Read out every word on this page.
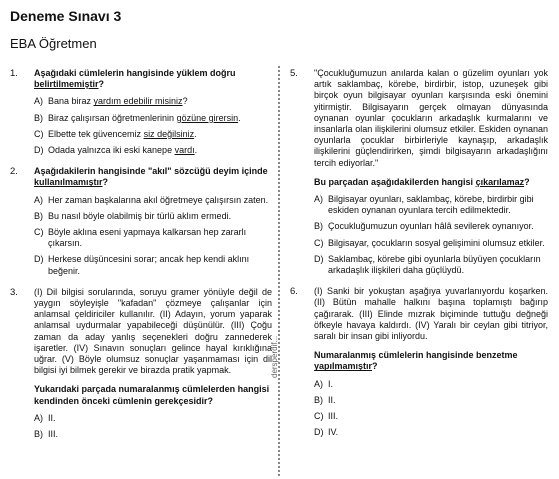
Deneme Sınavı 3
EBA Öğretmen
dersperdif...
1. Aşağıdaki cümlelerin hangisinde yüklem doğru belirtilmemiştir?
A) Bana biraz yardım edebilir misiniz?
B) Biraz çalışırsan öğretmenlerinin gözüne girersin.
C) Elbette tek güvencemiz siz değilsiniz.
D) Odada yalnızca iki eski kanepe vardı.
2. Aşağıdakilerin hangisinde "akıl" sözcüğü deyim içinde kullanılmamıştır?
A) Her zaman başkalarına akıl öğretmeye çalışırsın zaten.
B) Bu nasıl böyle olabilmiş bir türlü aklım ermedi.
C) Böyle aklına eseni yapmaya kalkarsan hep zararlı çıkarsın.
D) Herkese düşüncesini sorar; ancak hep kendi aklını beğenir.
3. (I) Dil bilgisi sorularında, soruyu gramer yönüyle değil de yaygın söyleyişle "kafadan" çözmeye çalışanlar için anlamsal çeldiriciler kullanılır. (II) Adayın, yorum yaparak anlamsal uydurmalar yapabileceği düşünülür. (III) Çoğu zaman da aday yanlış seçenekleri doğru zannederek işaretler. (IV) Sınavın sonuçları gelince hayal kırıklığına uğrar. (V) Böyle olumsuz sonuçlar yaşanmaması için dil bilgisi iyi bilmek gerekir ve birazda pratik yapmak.
Yukarıdaki parçada numaralanmış cümlelerden hangisi kendinden önceki cümlenin gerekçesidir?
A) II.
B) III.
5. "Çocukluğumuzun anılarda kalan o güzelim oyunları yok artık saklambaç, körebe, birdirbir, istop, uzuneşek gibi birçok oyun bilgisayar oyunları karşısında eski önemini yitirmiştir. Bilgisayarın gerçek olmayan dünyasında oynanan oyunlar çocukların arkadaşlık kurmalarını ve insanlarla olan ilişkilerini olumsuz etkiler. Eskiden oynanan oyunlarla çocuklar birbirleriyle kaynaşıp, arkadaşlık ilişkilerini güçlendirirken, şimdi bilgisayarın arkadaşlığını tercih ediyorlar."
Bu parçadan aşağıdakilerden hangisi çıkarılamaz?
A) Bilgisayar oyunları, saklambaç, körebe, birdirbir gibi eskiden oynanan oyunlara tercih edilmektedir.
B) Çocukluğumuzun oyunları hâlâ sevilerek oynanıyor.
C) Bilgisayar, çocukların sosyal gelişimini olumsuz etkiler.
D) Saklambaç, körebe gibi oyunlarla büyüyen çocukların arkadaşlık ilişkileri daha güçlüydü.
6. (I) Sanki bir yokuştan aşağıya yuvarlanıyordu koşarken. (II) Bütün mahalle halkını başına toplamıştı bağırıp çağırarak. (III) Elinde mızrak biçiminde tuttuğu değneği öfkeyle havaya kaldırdı. (IV) Yaralı bir ceylan gibi titriyor, saralı bir insan gibi inliyordu.
Numaralanmış cümlelerin hangisinde benzetme yapılmamıştır?
A) I.
B) II.
C) III.
D) IV.
